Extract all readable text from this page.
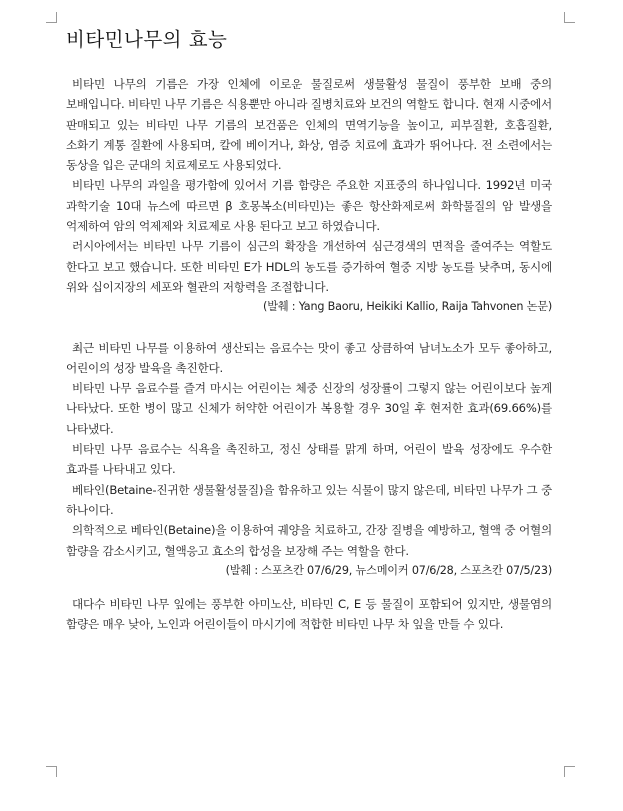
비타민나무의 효능

비타민 나무의 기름은 가장 인체에 이로운 물질로써 생물활성 물질이 풍부한 보배 중의 보배입니다. 비타민 나무 기름은 식용뿐만 아니라 질병치료와 보건의 역할도 합니다. 현재 시중에서 판매되고 있는 비타민 나무 기름의 보건품은 인체의 면역기능을 높이고, 피부질환, 호흡질환, 소화기 계통 질환에 사용되며, 칼에 베이거나, 화상, 염증 치료에 효과가 뛰어나다. 전 소련에서는 동상을 입은 군대의 치료제로도 사용되었다.

비타민 나무의 과일을 평가함에 있어서 기름 함량은 주요한 지표중의 하나입니다. 1992년 미국 과학기술 10대 뉴스에 따르면 β 호몽복소(비타민)는 좋은 항산화제로써 화학물질의 암 발생을 억제하여 암의 억제제와 치료제로 사용 된다고 보고 하였습니다.

러시아에서는 비타민 나무 기름이 심근의 확장을 개선하여 심근경색의 면적을 줄여주는 역할도 한다고 보고 했습니다. 또한 비타민 E가 HDL의 농도를 증가하여 혈중 지방 농도를 낮추며, 동시에 위와 십이지장의 세포와 혈관의 저항력을 조절합니다.

(발췌 : Yang Baoru, Heikiki Kallio, Raija Tahvonen 논문)

최근 비타민 나무를 이용하여 생산되는 음료수는 맛이 좋고 상큼하여 남녀노소가 모두 좋아하고, 어린이의 성장 발육을 촉진한다.

비타민 나무 음료수를 즐겨 마시는 어린이는 체중 신장의 성장률이 그렇지 않는 어린이보다 높게 나타났다. 또한 병이 많고 신체가 허약한 어린이가 복용할 경우 30일 후 현저한 효과(69.66%)를 나타냈다.

비타민 나무 음료수는 식욕을 촉진하고, 정신 상태를 맑게 하며, 어린이 발육 성장에도 우수한 효과를 나타내고 있다.

베타인(Betaine-진귀한 생물활성물질)을 함유하고 있는 식물이 많지 않은데, 비타민 나무가 그 중 하나이다.

의학적으로 베타인(Betaine)을 이용하여 궤양을 치료하고, 간장 질병을 예방하고, 혈액 중 어혈의 함량을 감소시키고, 혈액응고 효소의 합성을 보장해 주는 역할을 한다.

(발췌 : 스포츠칸 07/6/29, 뉴스메이커 07/6/28, 스포츠칸 07/5/23)

대다수 비타민 나무 잎에는 풍부한 아미노산, 비타민 C, E 등 물질이 포함되어 있지만, 생물염의 함량은 매우 낮아, 노인과 어린이들이 마시기에 적합한 비타민 나무 차 잎을 만들 수 있다.
